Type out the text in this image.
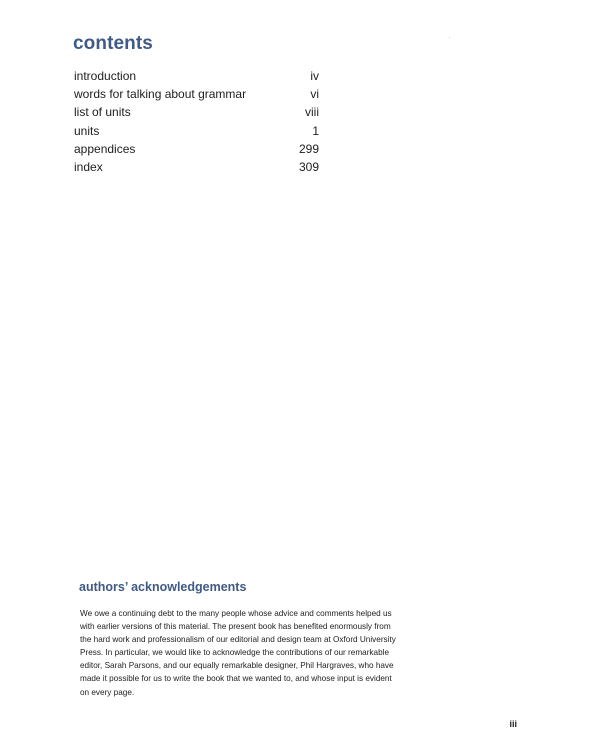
contents
introduction	iv
words for talking about grammar	vi
list of units	viii
units	1
appendices	299
index	309
authors’ acknowledgements

We owe a continuing debt to the many people whose advice and comments helped us
with earlier versions of this material. The present book has benefited enormously from
the hard work and professionalism of our editorial and design team at Oxford University
Press. In particular, we would like to acknowledge the contributions of our remarkable
editor, Sarah Parsons, and our equally remarkable designer, Phil Hargraves, who have
made it possible for us to write the book that we wanted to, and whose input is evident
on every page.

iii
